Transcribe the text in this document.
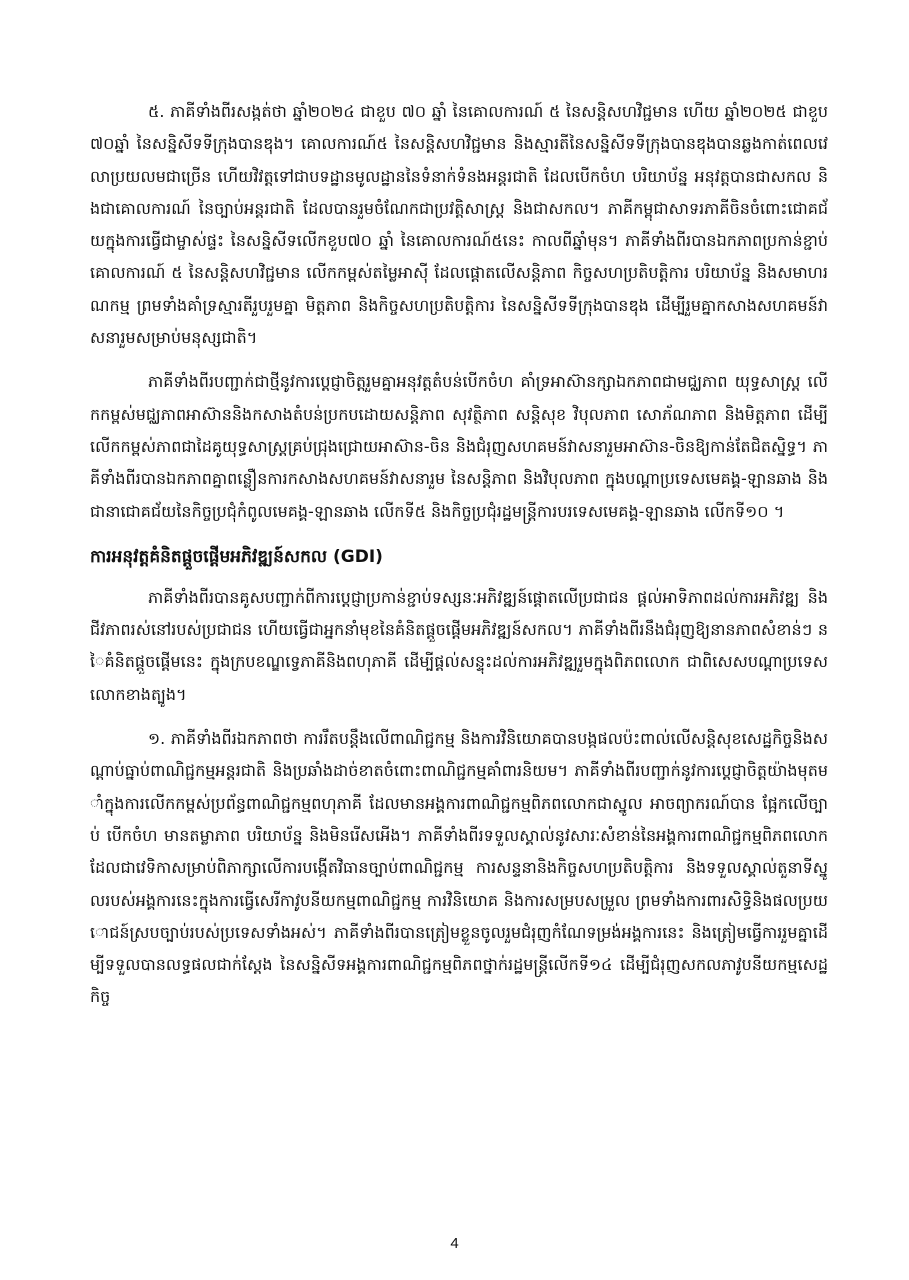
៥. ភាគីទាំងពីរសង្កត់ថា ឆ្នាំ២០២៤ ជាខួប ៧០ ឆ្នាំ នៃគោលការណ៍ ៥ នៃសន្តិសហវិជ្ជមាន ហើយ ឆ្នាំ២០២៥ ជាខួប ៧០ឆ្នាំ នៃសន្និសីទទីក្រុងបានឌុង។ គោលការណ៍៥ នៃសន្តិសហវិជ្ជមាន និងស្មារតីនៃសន្និសីទទីក្រុងបានឌុងបានឆ្លងកាត់ពេលវេលាប្រយលមជាច្រើន ហើយវិវត្តទៅជាបទដ្ឋានមូលដ្ឋាននៃទំនាក់ទំនងអន្តរជាតិ ដែលបើកចំហ បរិយាប័ន្ន អនុវត្តបានជាសកល និងជាគោលការណ៍ នៃច្បាប់អន្តរជាតិ ដែលបានរួមចំណែកជាប្រវត្តិសាស្ត្រ និងជាសកល។ ភាគីកម្ពុជាសាទរភាគីចិនចំពោះជោគជ័យក្នុងការធ្វើជាម្ចាស់ផ្ទះ នៃសន្និសីទលើកខួប៧០ ឆ្នាំ នៃគោលការណ៍៥នេះ កាលពីឆ្នាំមុន។ ភាគីទាំងពីរបានឯកភាពប្រកាន់ខ្ជាប់គោលការណ៍ ៥ នៃសន្តិសហវិជ្ជមាន លើកកម្ពស់តម្លៃអាស៊ី ដែលផ្តោតលើសន្តិភាព កិច្ចសហប្រតិបត្តិការ បរិយាប័ន្ន និងសមាហរណកម្ម ព្រមទាំងគាំទ្រស្មារតីរួបរួមគ្នា មិត្តភាព និងកិច្ចសហប្រតិបត្តិការ នៃសន្និសីទទីក្រុងបានឌុង ដើម្បីរួមគ្នាកសាងសហគមន៍វាសនារួមសម្រាប់មនុស្សជាតិ។

ភាគីទាំងពីរបញ្ជាក់ជាថ្មីនូវការប្តេជ្ញាចិត្តរួមគ្នាអនុវត្តតំបន់បើកចំហ គាំទ្រអាស៊ានក្សាឯកភាពជាមជ្ឈភាព យុទ្ធសាស្ត្រ លើកកម្ពស់មជ្ឈភាពអាស៊ាននិងកសាងតំបន់ប្រកបដោយសន្តិភាព សុវត្ថិភាព សន្តិសុខ វិបុលភាព សោភ័ណភាព និងមិត្តភាព ដើម្បីលើកកម្ពស់ភាពជាដៃគូយុទ្ធសាស្ត្រគ្រប់ជ្រុងជ្រោយអាស៊ាន-ចិន និងជំរុញសហគមន៍វាសនារួមអាស៊ាន-ចិនឱ្យកាន់តែជិតស្និទ្ធ។ ភាគីទាំងពីរបានឯកភាពគ្នាពន្លឿនការកសាងសហគមន៍វាសនារួម នៃសន្តិភាព និងវិបុលភាព ក្នុងបណ្តាប្រទេសមេគង្គ-ឡានឆាង និងជានាជោគជ័យនៃកិច្ចប្រជុំកំពូលមេគង្គ-ឡានឆាង លើកទី៥ និងកិច្ចប្រជុំរដ្ឋមន្ត្រីការបរទេសមេគង្គ-ឡានឆាង លើកទី១០ ។

ការអនុវត្តគំនិតផ្តួចផ្តើមអភិវឌ្ឍន៍សកល (GDI)

ភាគីទាំងពីរបានគូសបញ្ជាក់ពីការប្តេជ្ញាប្រកាន់ខ្ជាប់ទស្សនៈអភិវឌ្ឍន៍ផ្តោតលើប្រជាជន ផ្តល់អាទិភាពដល់ការអភិវឌ្ឍ និងជីវភាពរស់នៅរបស់ប្រជាជន ហើយធ្វើជាអ្នកនាំមុខនៃគំនិតផ្តួចផ្តើមអភិវឌ្ឍន៍សកល។ ភាគីទាំងពីរនឹងជំរុញឱ្យនានភាពសំខាន់ៗ នៃគំនិតផ្តួចផ្តើមនេះ ក្នុងក្របខណ្ឌទ្វេភាគីនិងពហុភាគី ដើម្បីផ្តល់សន្ទុះដល់ការអភិវឌ្ឍរួមក្នុងពិភពលោក ជាពិសេសបណ្តាប្រទេសលោកខាងត្បូង។

១. ភាគីទាំងពីរឯកភាពថា ការរឹតបន្តឹងលើពាណិជ្ជកម្ម និងការវិនិយោគបានបង្កផលប៉ះពាល់លើសន្តិសុខសេដ្ឋកិច្ចនិងសណ្តាប់ធ្នាប់ពាណិជ្ជកម្មអន្តរជាតិ និងប្រឆាំងដាច់ខាតចំពោះពាណិជ្ជកម្មគាំពារនិយម។ ភាគីទាំងពីរបញ្ជាក់នូវការប្តេជ្ញាចិត្តយ៉ាងមុតមាំក្នុងការលើកកម្ពស់ប្រព័ន្ធពាណិជ្ជកម្មពហុភាគី ដែលមានអង្គការពាណិជ្ជកម្មពិភពលោកជាស្នូល អាចព្យាករណ៍បាន ផ្អែកលើច្បាប់ បើកចំហ មានតម្លាភាព បរិយាប័ន្ន និងមិនរើសអើង។ ភាគីទាំងពីរទទួលស្គាល់នូវសារៈសំខាន់នៃអង្គការពាណិជ្ជកម្មពិភពលោកដែលជាវេទិកាសម្រាប់ពិភាក្សាលើការបង្កើតវិធានច្បាប់ពាណិជ្ជកម្ម ការសន្ទនានិងកិច្ចសហប្រតិបត្តិការ និងទទួលស្គាល់តួនាទីស្នូលរបស់អង្គការនេះក្នុងការធ្វើសេរីកាវូបនីយកម្មពាណិជ្ជកម្ម ការវិនិយោគ និងការសម្របសម្រួល ព្រមទាំងការពារសិទ្ធិនិងផលប្រយោជន៍ស្របច្បាប់របស់ប្រទេសទាំងអស់។ ភាគីទាំងពីរបានត្រៀមខ្លួនចូលរួមជំរុញកំណែទម្រង់អង្គការនេះ និងត្រៀមធ្វើការរួមគ្នាដើម្បីទទួលបានលទ្ធផលជាក់ស្តែង នៃសន្និសីទអង្គការពាណិជ្ជកម្មពិភពថ្នាក់រដ្ឋមន្ត្រីលើកទី១៤ ដើម្បីជំរុញសកលភាវូបនីយកម្មសេដ្ឋកិច្ច

4
